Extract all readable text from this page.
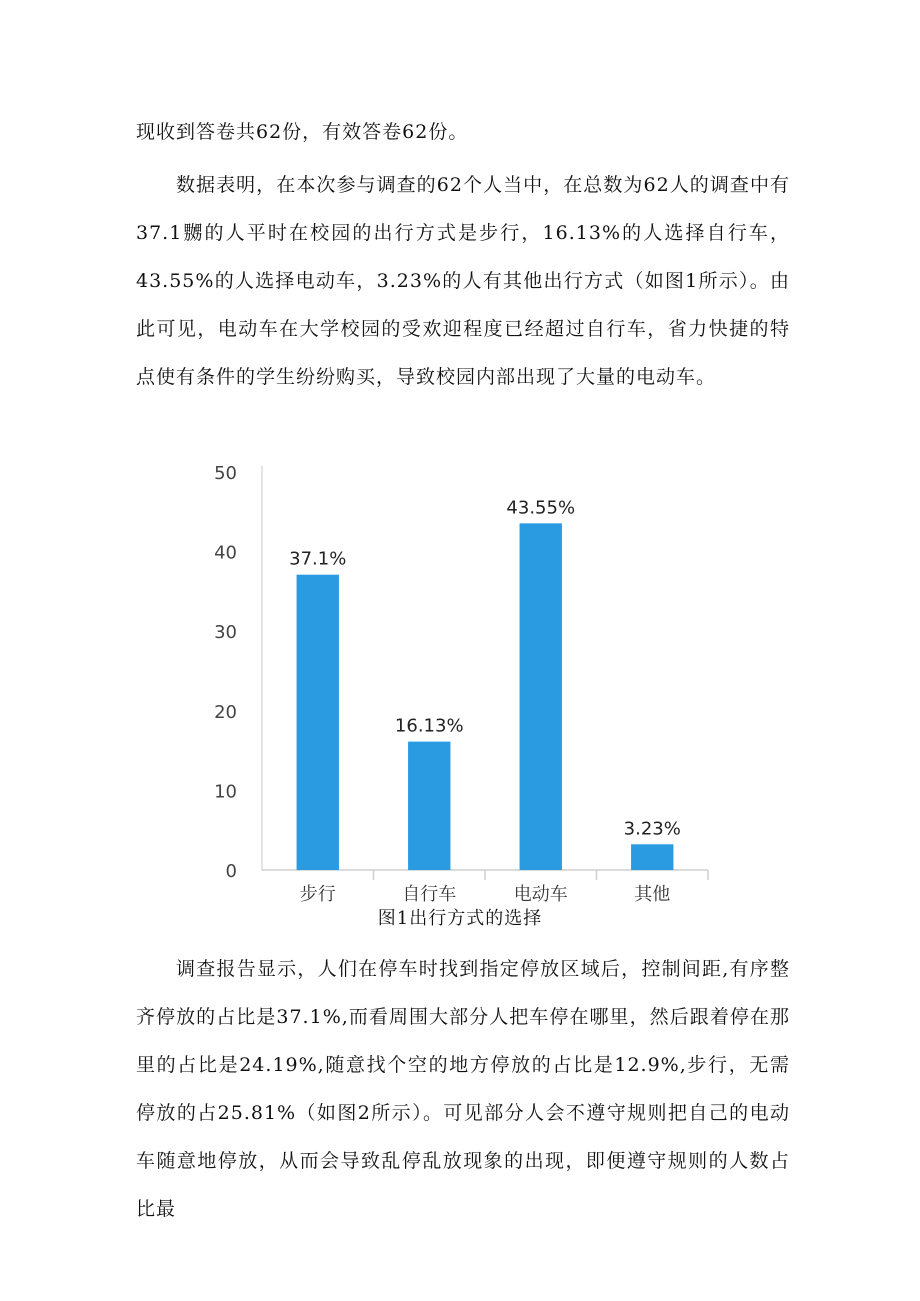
现收到答卷共62份，有效答卷62份。

数据表明，在本次参与调查的62个人当中，在总数为62人的调查中有37.1嬲的人平时在校园的出行方式是步行，16.13%的人选择自行车，43.55%的人选择电动车，3.23%的人有其他出行方式（如图1所示）。由此可见，电动车在大学校园的受欢迎程度已经超过自行车，省力快捷的特点使有条件的学生纷纷购买，导致校园内部出现了大量的电动车。

0
10
20
30
40
50
37.1%
步行
16.13%
自行车
43.55%
电动车
3.23%
其他
图1出行方式的选择

调查报告显示，人们在停车时找到指定停放区域后，控制间距,有序整齐停放的占比是37.1%,而看周围大部分人把车停在哪里，然后跟着停在那里的占比是24.19%,随意找个空的地方停放的占比是12.9%,步行，无需停放的占25.81%（如图2所示）。可见部分人会不遵守规则把自己的电动车随意地停放，从而会导致乱停乱放现象的出现，即便遵守规则的人数占比最
